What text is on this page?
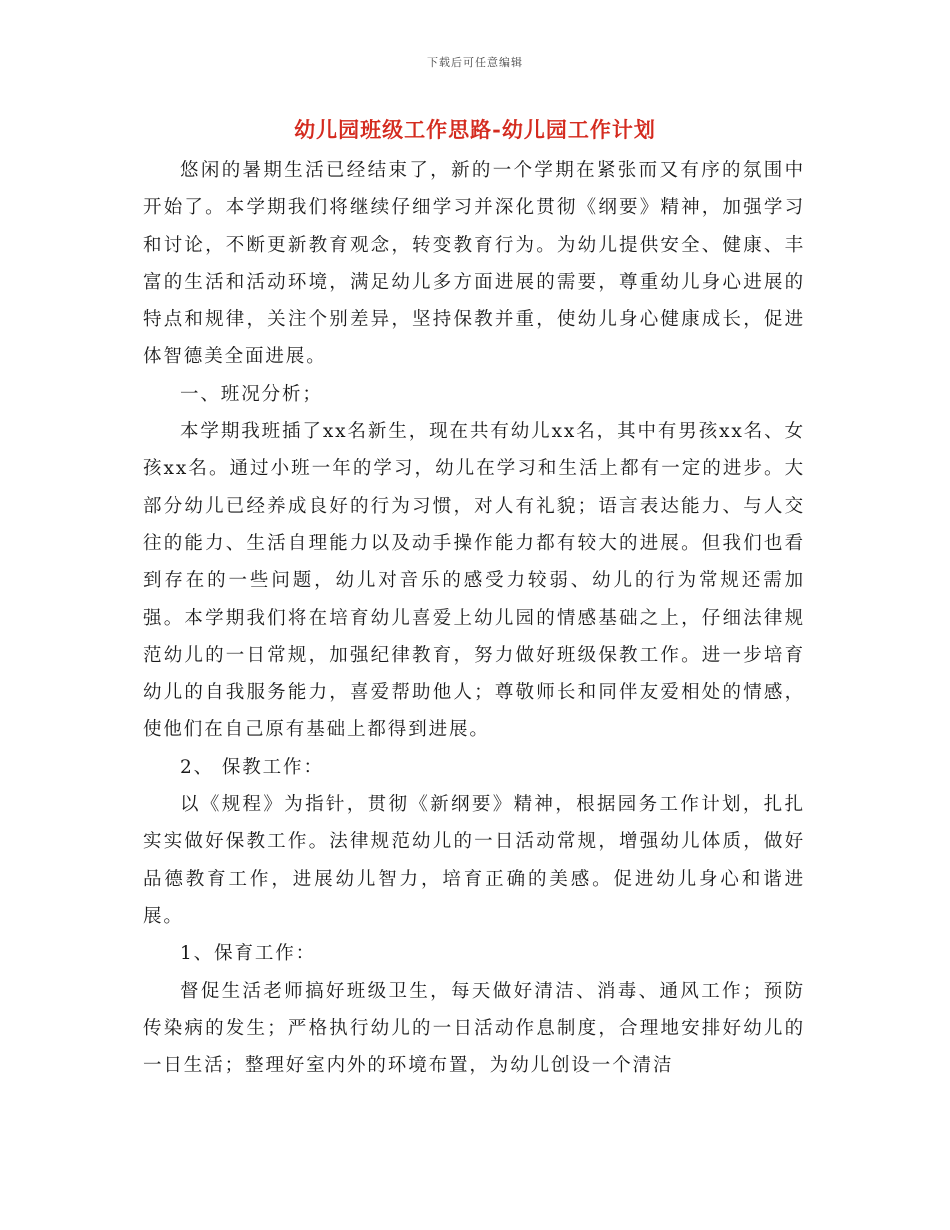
下载后可任意编辑
幼儿园班级工作思路-幼儿园工作计划

悠闲的暑期生活已经结束了，新的一个学期在紧张而又有序的氛围中开始了。本学期我们将继续仔细学习并深化贯彻《纲要》精神，加强学习和讨论，不断更新教育观念，转变教育行为。为幼儿提供安全、健康、丰富的生活和活动环境，满足幼儿多方面进展的需要，尊重幼儿身心进展的特点和规律，关注个别差异，坚持保教并重，使幼儿身心健康成长，促进体智德美全面进展。

一、班况分析；

本学期我班插了xx名新生，现在共有幼儿xx名，其中有男孩xx名、女孩xx名。通过小班一年的学习，幼儿在学习和生活上都有一定的进步。大部分幼儿已经养成良好的行为习惯，对人有礼貌；语言表达能力、与人交往的能力、生活自理能力以及动手操作能力都有较大的进展。但我们也看到存在的一些问题，幼儿对音乐的感受力较弱、幼儿的行为常规还需加强。本学期我们将在培育幼儿喜爱上幼儿园的情感基础之上，仔细法律规范幼儿的一日常规，加强纪律教育，努力做好班级保教工作。进一步培育幼儿的自我服务能力，喜爱帮助他人；尊敬师长和同伴友爱相处的情感，使他们在自己原有基础上都得到进展。

2、 保教工作：

以《规程》为指针，贯彻《新纲要》精神，根据园务工作计划，扎扎实实做好保教工作。法律规范幼儿的一日活动常规，增强幼儿体质，做好品德教育工作，进展幼儿智力，培育正确的美感。促进幼儿身心和谐进展。

1、保育工作：

督促生活老师搞好班级卫生，每天做好清洁、消毒、通风工作；预防传染病的发生；严格执行幼儿的一日活动作息制度，合理地安排好幼儿的一日生活；整理好室内外的环境布置，为幼儿创设一个清洁
